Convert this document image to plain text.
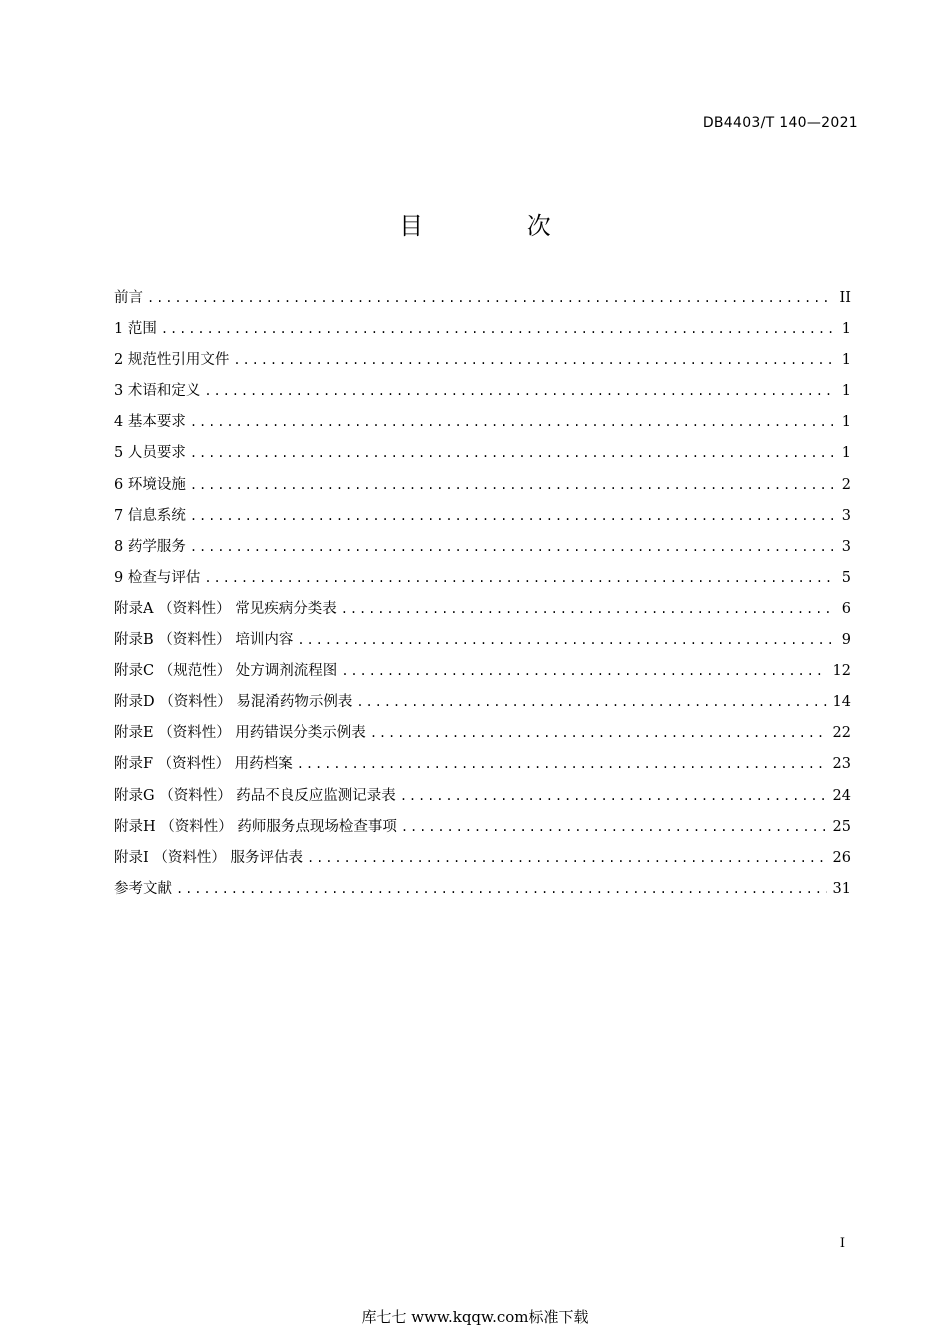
DB4403/T 140—2021
目 次
前言 .....	II
1 范围 .....	1
2 规范性引用文件 .....	1
3 术语和定义 .....	1
4 基本要求 .....	1
5 人员要求 .....	1
6 环境设施 .....	2
7 信息系统 .....	3
8 药学服务 .....	3
9 检查与评估 .....	5
附录A （资料性） 常见疾病分类表 .....	6
附录B （资料性） 培训内容 .....	9
附录C （规范性） 处方调剂流程图 .....	12
附录D （资料性） 易混淆药物示例表 .....	14
附录E （资料性） 用药错误分类示例表 .....	22
附录F （资料性） 用药档案 .....	23
附录G （资料性） 药品不良反应监测记录表 .....	24
附录H （资料性） 药师服务点现场检查事项 .....	25
附录I （资料性） 服务评估表 .....	26
参考文献 .....	31
I
库七七 www.kqqw.com标准下载
